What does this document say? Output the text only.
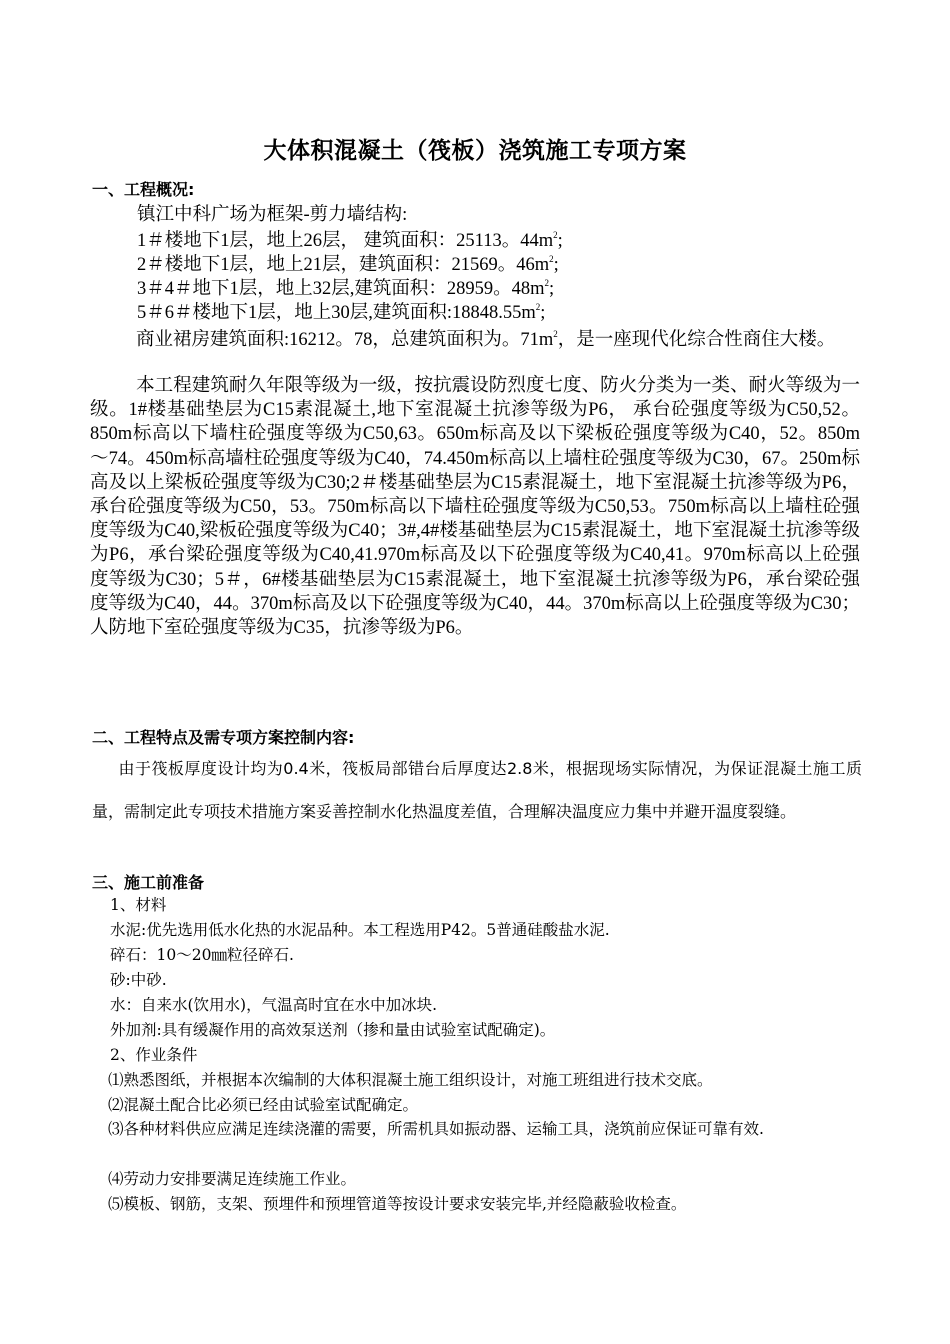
大体积混凝土（筏板）浇筑施工专项方案
一、工程概况:
镇江中科广场为框架-剪力墙结构:
1＃楼地下1层，地上26层， 建筑面积：25113。$44m^2$;
2＃楼地下1层，地上21层，建筑面积：21569。$46m^2$;
3＃4＃地下1层，地上32层,建筑面积：28959。$48m^2$;
5＃6＃楼地下1层，地上30层,建筑面积$:18848.55m^2$;
商业裙房建筑面积:16212。78，总建筑面积为。$71m^2$，是一座现代化综合性商住大楼。
本工程建筑耐久年限等级为一级，按抗震设防烈度七度、防火分类为一类、耐火等级为一级。1#楼基础垫层为C15素混凝土,地下室混凝土抗渗等级为P6， 承台砼强度等级为C50,52。850m标高以下墙柱砼强度等级为C50,63。650m标高及以下梁板砼强度等级为C40，52。850m ～74。450m标高墙柱砼强度等级为C40，74.450m标高以上墙柱砼强度等级为C30，67。250m标高及以上梁板砼强度等级为C30;2＃楼基础垫层为C15素混凝土，地下室混凝土抗渗等级为P6，承台砼强度等级为C50，53。750m标高以下墙柱砼强度等级为C50,53。750m标高以上墙柱砼强度等级为C40,梁板砼强度等级为C40；3#,4#楼基础垫层为C15素混凝土，地下室混凝土抗渗等级为P6，承台梁砼强度等级为C40,41.970m标高及以下砼强度等级为C40,41。970m标高以上砼强度等级为C30；5＃，6#楼基础垫层为C15素混凝土，地下室混凝土抗渗等级为P6，承台梁砼强度等级为C40，44。370m标高及以下砼强度等级为C40，44。370m标高以上砼强度等级为C30；人防地下室砼强度等级为C35，抗渗等级为P6。
二、工程特点及需专项方案控制内容:
由于筏板厚度设计均为0.4米，筏板局部错台后厚度达2.8米，根据现场实际情况，为保证混凝土施工质量，需制定此专项技术措施方案妥善控制水化热温度差值，合理解决温度应力集中并避开温度裂缝。
三、施工前准备
1、材料
水泥:优先选用低水化热的水泥品种。本工程选用P42。5普通硅酸盐水泥.
碎石：10～20㎜粒径碎石.
砂:中砂.
水：自来水(饮用水)，气温高时宜在水中加冰块.
外加剂:具有缓凝作用的高效泵送剂（掺和量由试验室试配确定)。
2、作业条件
⑴熟悉图纸，并根据本次编制的大体积混凝土施工组织设计，对施工班组进行技术交底。
⑵混凝土配合比必须已经由试验室试配确定。
⑶各种材料供应应满足连续浇灌的需要，所需机具如振动器、运输工具，浇筑前应保证可靠有效.
⑷劳动力安排要满足连续施工作业。
⑸模板、钢筋，支架、预埋件和预埋管道等按设计要求安装完毕,并经隐蔽验收检查。
